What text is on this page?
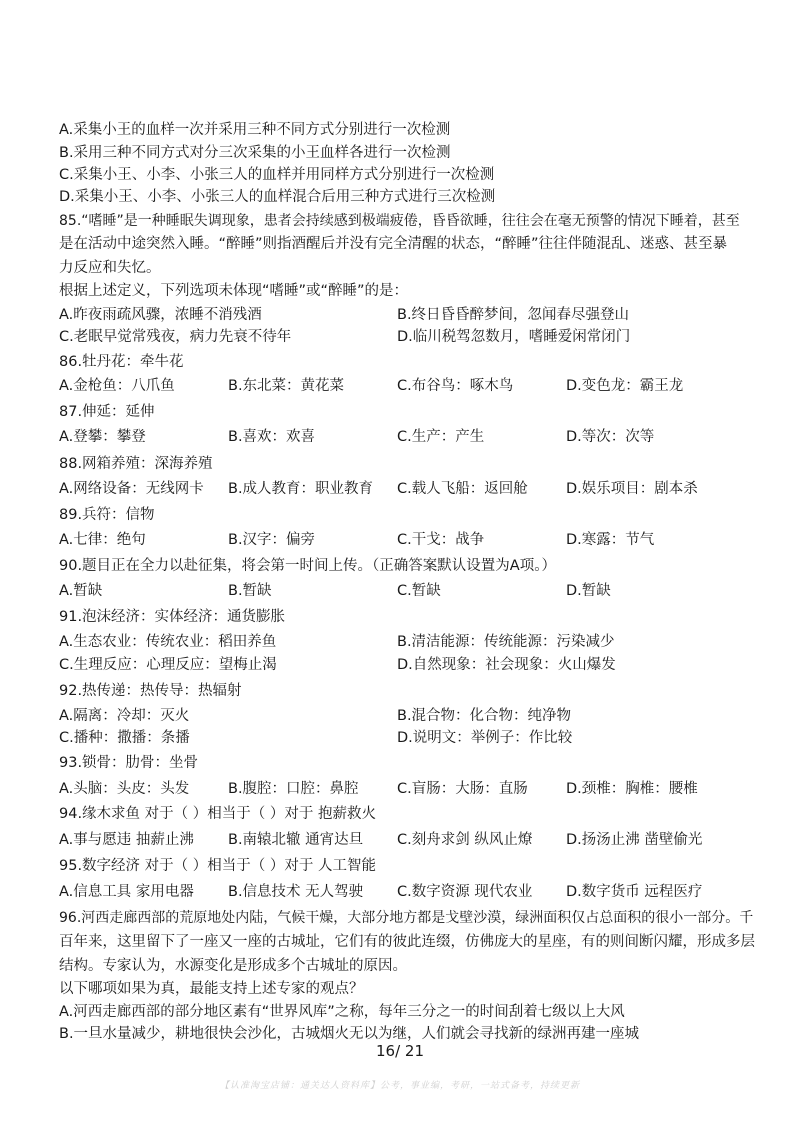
A.采集小王的血样一次并采用三种不同方式分别进行一次检测
B.采用三种不同方式对分三次采集的小王血样各进行一次检测
C.采集小王、小李、小张三人的血样并用同样方式分别进行一次检测
D.采集小王、小李、小张三人的血样混合后用三种方式进行三次检测
85.“嗜睡”是一种睡眠失调现象，患者会持续感到极端疲倦，昏昏欲睡，往往会在毫无预警的情况下睡着，甚至
是在活动中途突然入睡。“醉睡”则指酒醒后并没有完全清醒的状态，“醉睡”往往伴随混乱、迷惑、甚至暴
力反应和失忆。
根据上述定义，下列选项未体现“嗜睡”或“醉睡”的是：
A.昨夜雨疏风骤，浓睡不消残酒	B.终日昏昏醉梦间，忽闻春尽强登山
C.老眠早觉常残夜，病力先衰不待年	D.临川税驾忽数月，嗜睡爱闲常闭门
86.牡丹花：牵牛花
A.金枪鱼：八爪鱼	B.东北菜：黄花菜	C.布谷鸟：啄木鸟	D.变色龙：霸王龙
87.伸延：延伸
A.登攀：攀登	B.喜欢：欢喜	C.生产：产生	D.等次：次等
88.网箱养殖：深海养殖
A.网络设备：无线网卡 B.成人教育：职业教育 C.载人飞船：返回舱	D.娱乐项目：剧本杀
89.兵符：信物
A.七律：绝句	B.汉字：偏旁	C.干戈：战争	D.寒露：节气
90.题目正在全力以赴征集，将会第一时间上传。（正确答案默认设置为A项。）
A.暂缺	B.暂缺	C.暂缺	D.暂缺
91.泡沫经济：实体经济：通货膨胀
A.生态农业：传统农业：稻田养鱼	B.清洁能源：传统能源：污染减少
C.生理反应：心理反应：望梅止渴	D.自然现象：社会现象：火山爆发
92.热传递：热传导：热辐射
A.隔离：冷却：灭火	B.混合物：化合物：纯净物
C.播种：撒播：条播	D.说明文：举例子：作比较
93.锁骨：肋骨：坐骨
A.头脑：头皮：头发	B.腹腔：口腔：鼻腔	C.盲肠：大肠：直肠	D.颈椎：胸椎：腰椎
94.缘木求鱼 对于（ ）相当于（ ）对于 抱薪救火
A.事与愿违 抽薪止沸 B.南辕北辙 通宵达旦 C.刻舟求剑 纵风止燎 D.扬汤止沸 凿壁偷光
95.数字经济 对于（ ）相当于（ ）对于 人工智能
A.信息工具 家用电器 B.信息技术 无人驾驶 C.数字资源 现代农业 D.数字货币 远程医疗
96.河西走廊西部的荒原地处内陆，气候干燥，大部分地方都是戈壁沙漠，绿洲面积仅占总面积的很小一部分。千
百年来，这里留下了一座又一座的古城址，它们有的彼此连缀，仿佛庞大的星座，有的则间断闪耀，形成多层
结构。专家认为，水源变化是形成多个古城址的原因。
以下哪项如果为真，最能支持上述专家的观点？
A.河西走廊西部的部分地区素有“世界风库”之称，每年三分之一的时间刮着七级以上大风
B.一旦水量减少，耕地很快会沙化，古城烟火无以为继，人们就会寻找新的绿洲再建一座城
16/ 21
【认准淘宝店铺：通关达人资料库】公考，事业编，考研，一站式备考，持续更新
